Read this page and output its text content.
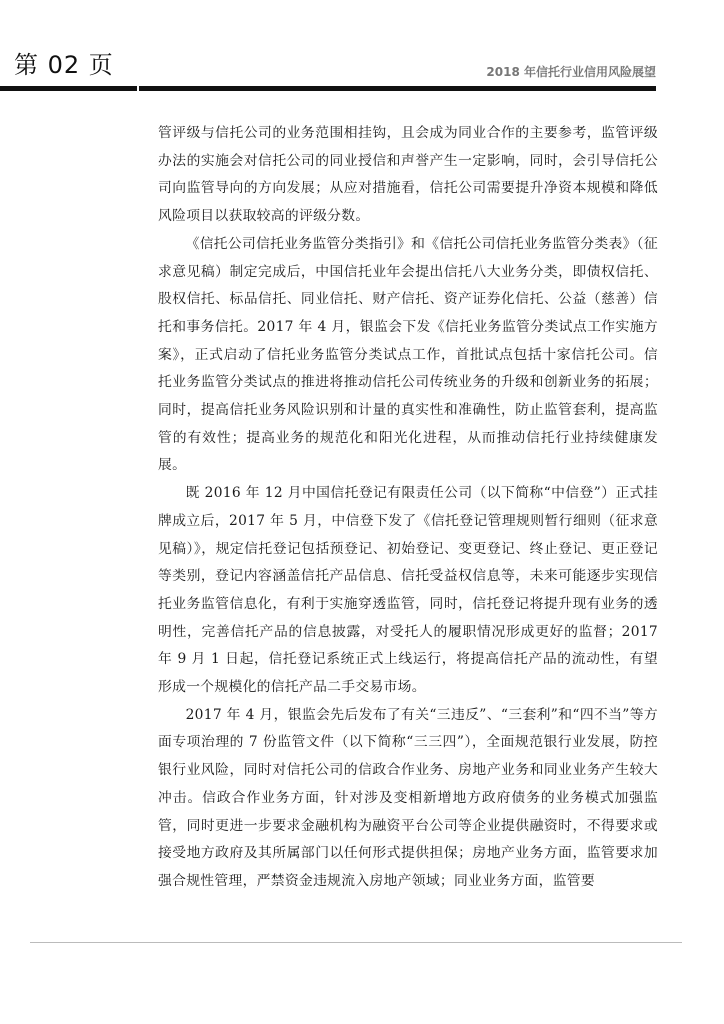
第 02 页	2018 年信托行业信用风险展望

管评级与信托公司的业务范围相挂钩，且会成为同业合作的主要参考，监管评级办法的实施会对信托公司的同业授信和声誉产生一定影响，同时，会引导信托公司向监管导向的方向发展；从应对措施看，信托公司需要提升净资本规模和降低风险项目以获取较高的评级分数。

《信托公司信托业务监管分类指引》和《信托公司信托业务监管分类表》（征求意见稿）制定完成后，中国信托业年会提出信托八大业务分类，即债权信托、股权信托、标品信托、同业信托、财产信托、资产证券化信托、公益（慈善）信托和事务信托。2017 年 4 月，银监会下发《信托业务监管分类试点工作实施方案》，正式启动了信托业务监管分类试点工作，首批试点包括十家信托公司。信托业务监管分类试点的推进将推动信托公司传统业务的升级和创新业务的拓展；同时，提高信托业务风险识别和计量的真实性和准确性，防止监管套利，提高监管的有效性；提高业务的规范化和阳光化进程，从而推动信托行业持续健康发展。

既 2016 年 12 月中国信托登记有限责任公司（以下简称“中信登”）正式挂牌成立后，2017 年 5 月，中信登下发了《信托登记管理规则暂行细则（征求意见稿）》，规定信托登记包括预登记、初始登记、变更登记、终止登记、更正登记等类别，登记内容涵盖信托产品信息、信托受益权信息等，未来可能逐步实现信托业务监管信息化，有利于实施穿透监管，同时，信托登记将提升现有业务的透明性，完善信托产品的信息披露，对受托人的履职情况形成更好的监督；2017 年 9 月 1 日起，信托登记系统正式上线运行，将提高信托产品的流动性，有望形成一个规模化的信托产品二手交易市场。

2017 年 4 月，银监会先后发布了有关“三违反”、“三套利”和“四不当”等方面专项治理的 7 份监管文件（以下简称“三三四”），全面规范银行业发展，防控银行业风险，同时对信托公司的信政合作业务、房地产业务和同业业务产生较大冲击。信政合作业务方面，针对涉及变相新增地方政府债务的业务模式加强监管，同时更进一步要求金融机构为融资平台公司等企业提供融资时，不得要求或接受地方政府及其所属部门以任何形式提供担保；房地产业务方面，监管要求加强合规性管理，严禁资金违规流入房地产领域；同业业务方面，监管要
